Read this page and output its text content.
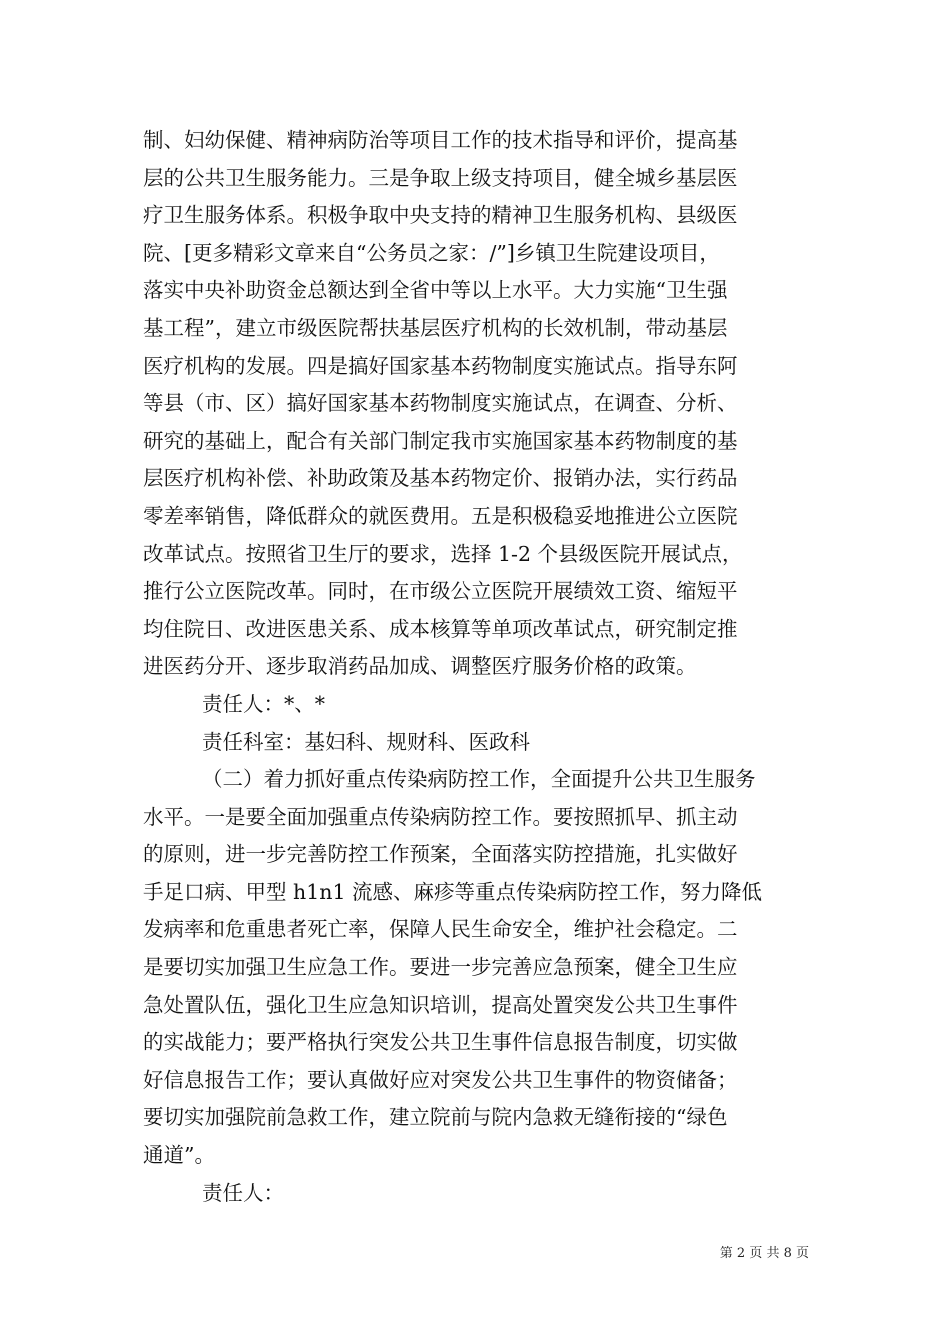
制、妇幼保健、精神病防治等项目工作的技术指导和评价，提高基
层的公共卫生服务能力。三是争取上级支持项目，健全城乡基层医
疗卫生服务体系。积极争取中央支持的精神卫生服务机构、县级医
院、[更多精彩文章来自“公务员之家：/”]乡镇卫生院建设项目，
落实中央补助资金总额达到全省中等以上水平。大力实施“卫生强
基工程”，建立市级医院帮扶基层医疗机构的长效机制，带动基层
医疗机构的发展。四是搞好国家基本药物制度实施试点。指导东阿
等县（市、区）搞好国家基本药物制度实施试点，在调查、分析、
研究的基础上，配合有关部门制定我市实施国家基本药物制度的基
层医疗机构补偿、补助政策及基本药物定价、报销办法，实行药品
零差率销售，降低群众的就医费用。五是积极稳妥地推进公立医院
改革试点。按照省卫生厅的要求，选择 1-2 个县级医院开展试点，
推行公立医院改革。同时，在市级公立医院开展绩效工资、缩短平
均住院日、改进医患关系、成本核算等单项改革试点，研究制定推
进医药分开、逐步取消药品加成、调整医疗服务价格的政策。
责任人：*、*
责任科室：基妇科、规财科、医政科
（二）着力抓好重点传染病防控工作，全面提升公共卫生服务
水平。一是要全面加强重点传染病防控工作。要按照抓早、抓主动
的原则，进一步完善防控工作预案，全面落实防控措施，扎实做好
手足口病、甲型 h1n1 流感、麻疹等重点传染病防控工作，努力降低
发病率和危重患者死亡率，保障人民生命安全，维护社会稳定。二
是要切实加强卫生应急工作。要进一步完善应急预案，健全卫生应
急处置队伍，强化卫生应急知识培训，提高处置突发公共卫生事件
的实战能力；要严格执行突发公共卫生事件信息报告制度，切实做
好信息报告工作；要认真做好应对突发公共卫生事件的物资储备；
要切实加强院前急救工作，建立院前与院内急救无缝衔接的“绿色
通道”。
责任人：
第 2 页 共 8 页
